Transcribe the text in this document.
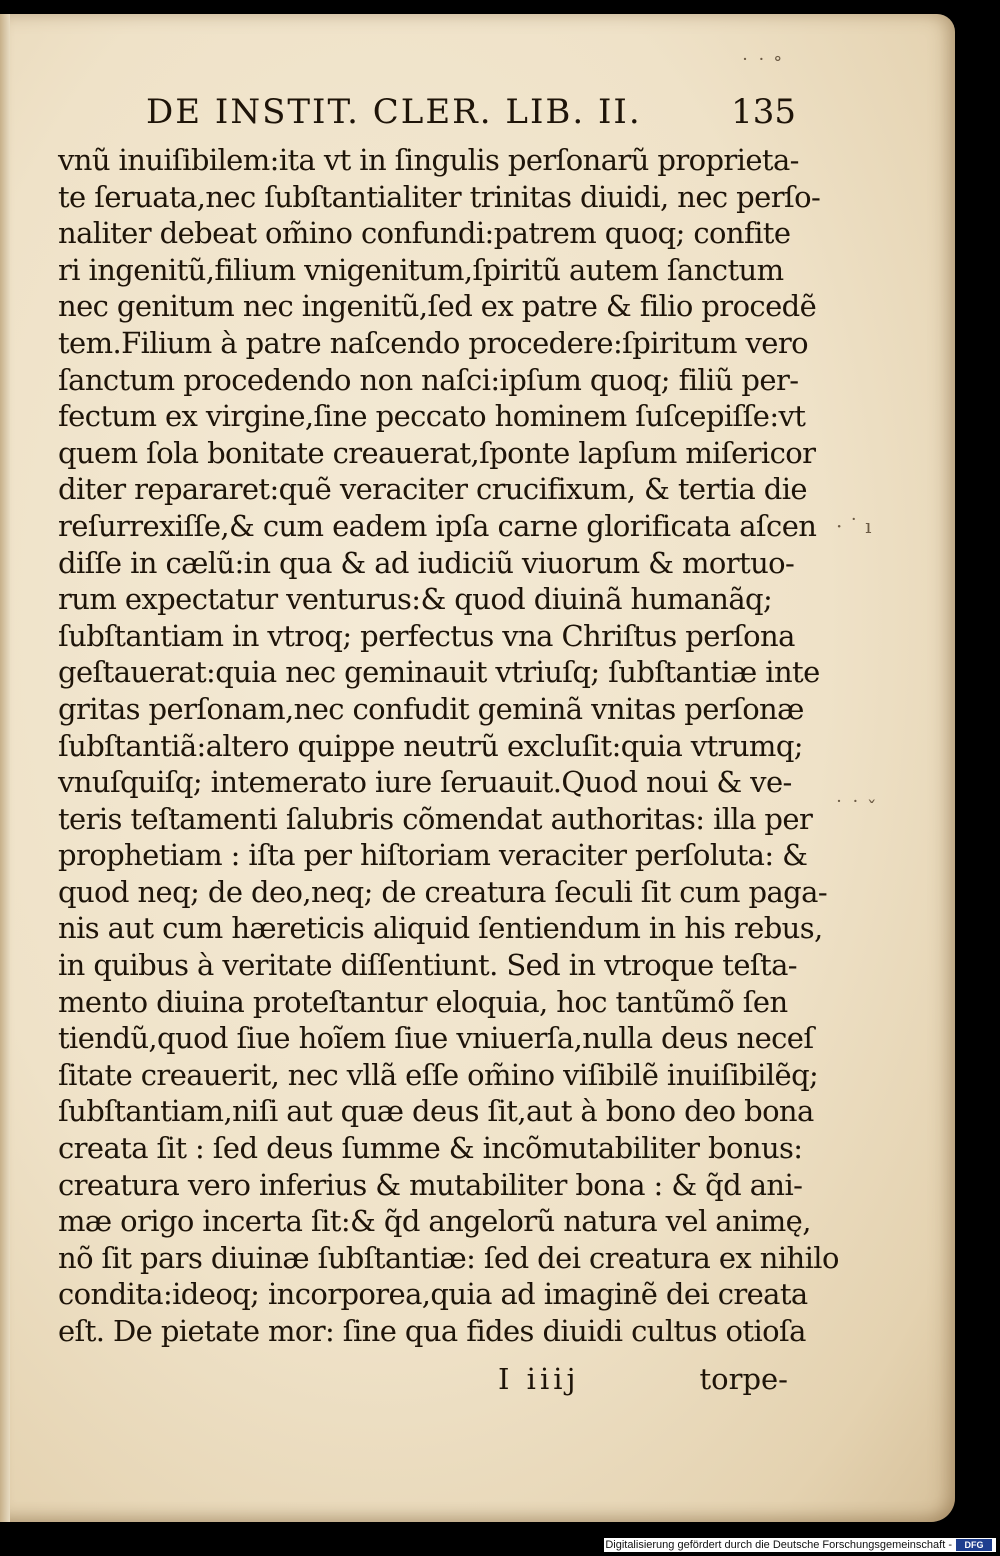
DE INSTIT. CLER. LIB. II.	135
vnũ inuiſibilem:ita vt in ſingulis perſonarũ proprieta-
te ſeruata,nec ſubſtantialiter trinitas diuidi, nec perſo-
naliter debeat om̃ino confundi:patrem quoq; confite
ri ingenitũ,filium vnigenitum,ſpiritũ autem ſanctum
nec genitum nec ingenitũ,ſed ex patre & filio procedẽ
tem.Filium à patre naſcendo procedere:ſpiritum vero
ſanctum procedendo non naſci:ipſum quoq; filiũ per-
fectum ex virgine,ſine peccato hominem ſuſcepiſſe:vt
quem ſola bonitate creauerat,ſponte lapſum miſericor
diter repararet:quẽ veraciter crucifixum, & tertia die
reſurrexiſſe,& cum eadem ipſa carne glorificata aſcen
diſſe in cælũ:in qua & ad iudiciũ viuorum & mortuo-
rum expectatur venturus:& quod diuinã humanãq;
ſubſtantiam in vtroq; perfectus vna Chriſtus perſona
geſtauerat:quia nec geminauit vtriuſq; ſubſtantiæ inte
gritas perſonam,nec confudit geminã vnitas perſonæ
ſubſtantiã:altero quippe neutrũ excluſit:quia vtrumq;
vnuſquiſq; intemerato iure ſeruauit.Quod noui & ve-
teris teſtamenti ſalubris cõmendat authoritas: illa per
prophetiam : iſta per hiſtoriam veraciter perſoluta: &
quod neq; de deo,neq; de creatura ſeculi ſit cum paga-
nis aut cum hæreticis aliquid ſentiendum in his rebus,
in quibus à veritate diſſentiunt. Sed in vtroque teſta-
mento diuina proteſtantur eloquia, hoc tantũmõ ſen
tiendũ,quod ſiue hoĩem ſiue vniuerſa,nulla deus neceſ
ſitate creauerit, nec vllã eſſe om̃ino viſibilẽ inuiſibilẽq;
ſubſtantiam,niſi aut quæ deus ſit,aut à bono deo bona
creata ſit : ſed deus ſumme & incõmutabiliter bonus:
creatura vero inferius & mutabiliter bona : & q̃d ani-
mæ origo incerta ſit:& q̃d angelorũ natura vel animę,
nõ ſit pars diuinæ ſubſtantiæ: ſed dei creatura ex nihilo
condita:ideoq; incorporea,quia ad imaginẽ dei creata
eſt. De pietate mor: ſine qua fides diuidi cultus otioſa
I iiij	torpe-
· ˙ ı
˙ ˙ ˇ
˙ ˙ ˚
Digitalisierung gefördert durch die Deutsche Forschungsgemeinschaft -	DFG
